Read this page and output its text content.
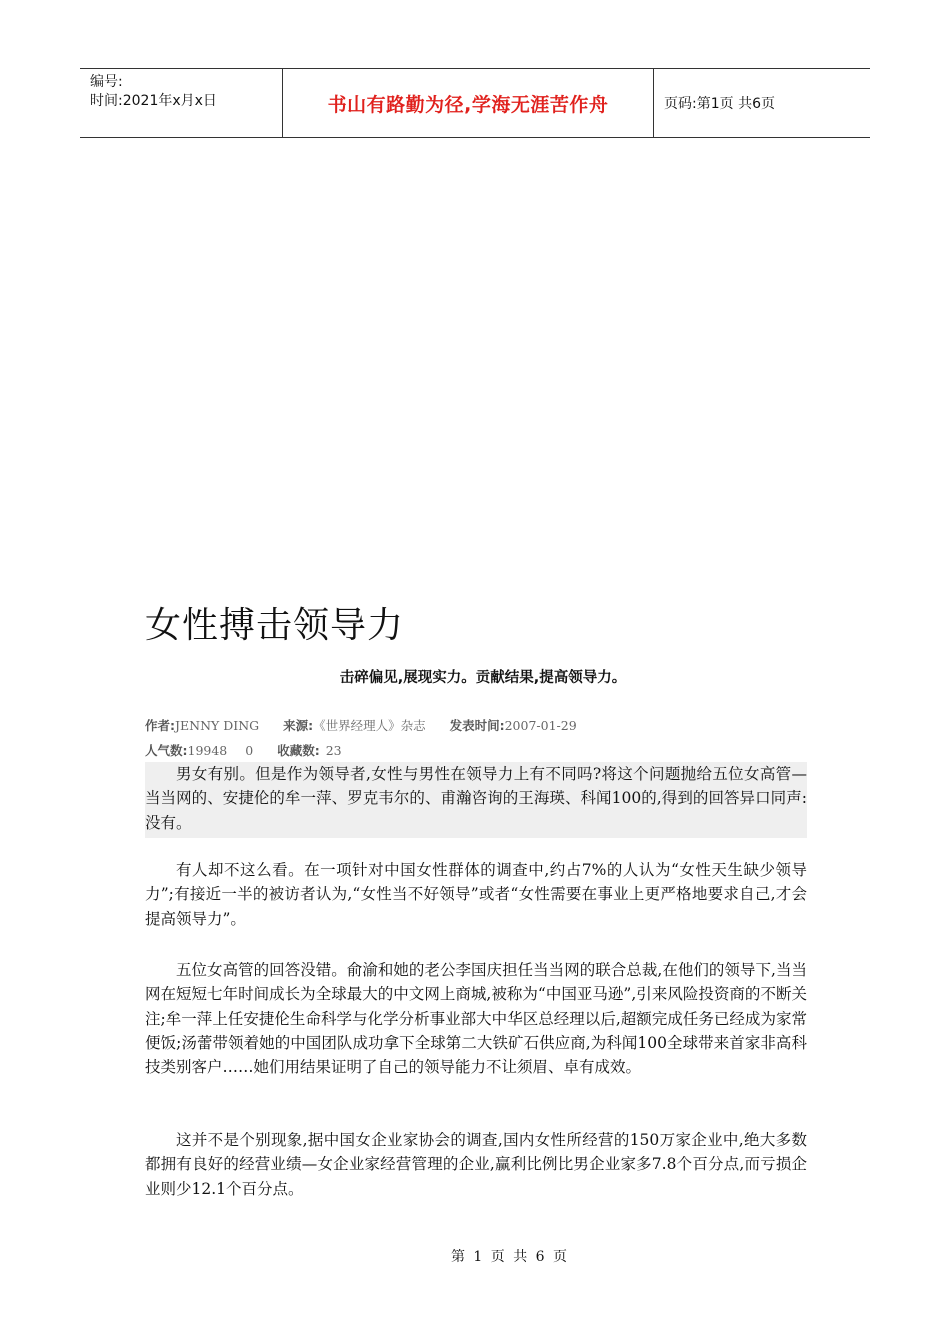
编号:
时间:2021年x月x日	书山有路勤为径,学海无涯苦作舟	页码:第1页 共6页
女性搏击领导力
击碎偏见,展现实力。贡献结果,提高领导力。
作者:JENNY DING 来源:《世界经理人》杂志 发表时间:2007-01-29
人气数:19948 0 收藏数: 23

男女有别。但是作为领导者,女性与男性在领导力上有不同吗?将这个问题抛给五位女高管—当当网的、安捷伦的牟一萍、罗克韦尔的、甫瀚咨询的王海瑛、科闻100的,得到的回答异口同声:没有。

有人却不这么看。在一项针对中国女性群体的调查中,约占7%的人认为“女性天生缺少领导力”;有接近一半的被访者认为,“女性当不好领导”或者“女性需要在事业上更严格地要求自己,才会提高领导力”。

五位女高管的回答没错。俞渝和她的老公李国庆担任当当网的联合总裁,在他们的领导下,当当网在短短七年时间成长为全球最大的中文网上商城,被称为“中国亚马逊”,引来风险投资商的不断关注;牟一萍上任安捷伦生命科学与化学分析事业部大中华区总经理以后,超额完成任务已经成为家常便饭;汤蕾带领着她的中国团队成功拿下全球第二大铁矿石供应商,为科闻100全球带来首家非高科技类别客户……她们用结果证明了自己的领导能力不让须眉、卓有成效。

这并不是个别现象,据中国女企业家协会的调查,国内女性所经营的150万家企业中,绝大多数都拥有良好的经营业绩—女企业家经营管理的企业,赢利比例比男企业家多7.8个百分点,而亏损企业则少12.1个百分点。

第 1 页 共 6 页
